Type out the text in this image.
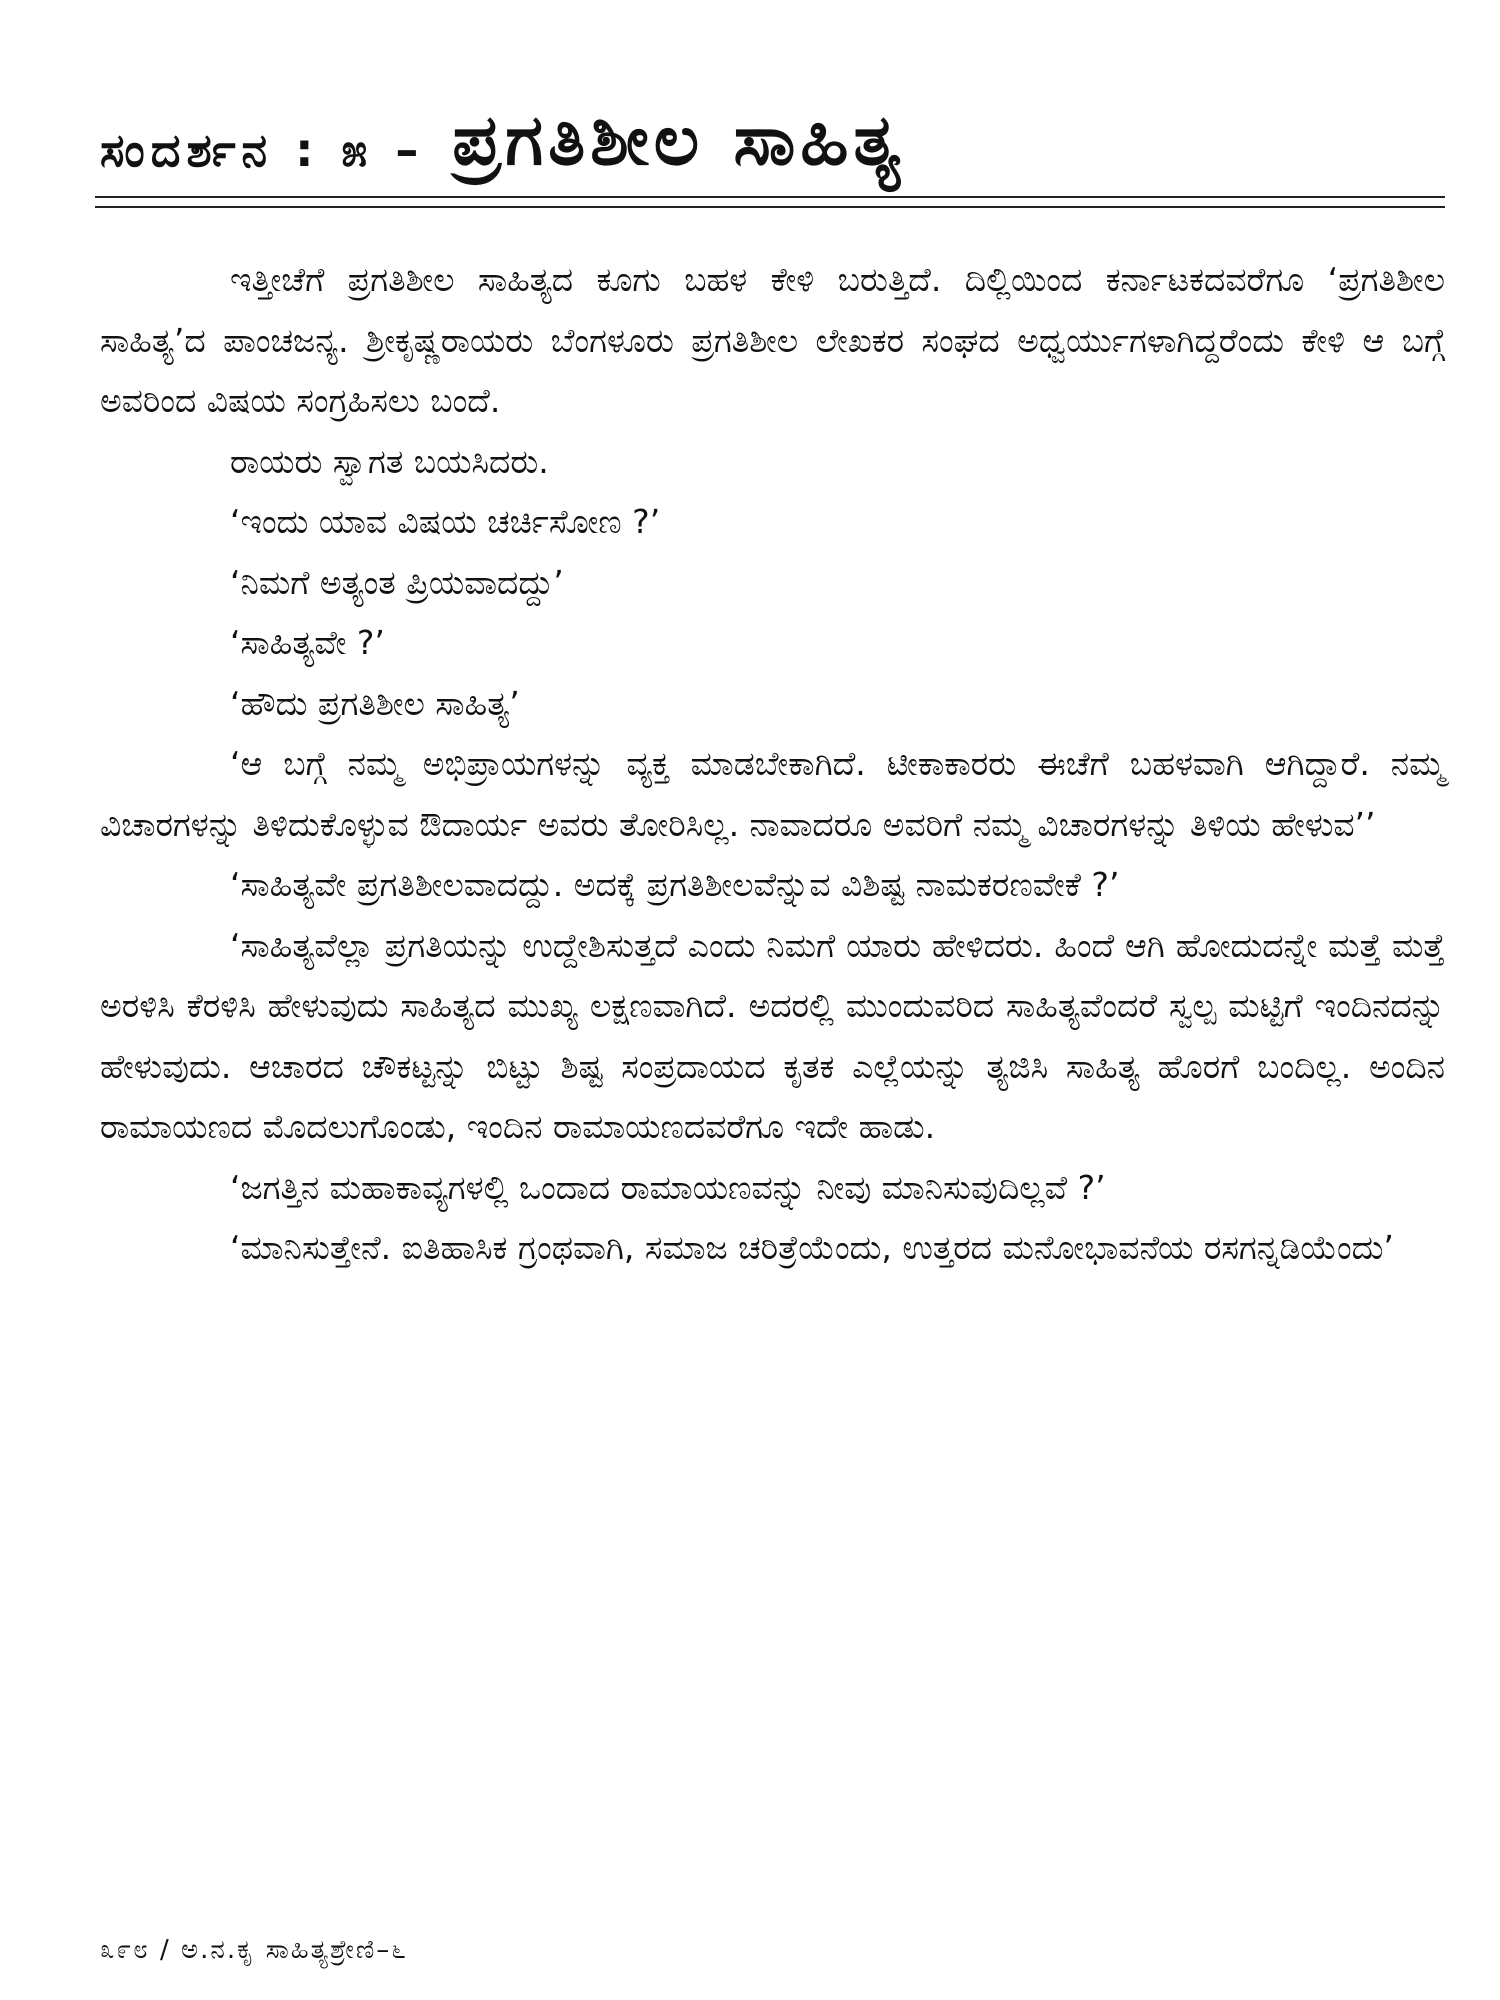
ಸಂದರ್ಶನ : ೫ – ಪ್ರಗತಿಶೀಲ ಸಾಹಿತ್ಯ

ಇತ್ತೀಚೆಗೆ ಪ್ರಗತಿಶೀಲ ಸಾಹಿತ್ಯದ ಕೂಗು ಬಹಳ ಕೇಳಿ ಬರುತ್ತಿದೆ. ದಿಲ್ಲಿಯಿಂದ ಕರ್ನಾಟಕದವರೆಗೂ ‘ಪ್ರಗತಿಶೀಲ ಸಾಹಿತ್ಯ’ದ ಪಾಂಚಜನ್ಯ. ಶ್ರೀಕೃಷ್ಣರಾಯರು ಬೆಂಗಳೂರು ಪ್ರಗತಿಶೀಲ ಲೇಖಕರ ಸಂಘದ ಅಧ್ವರ್ಯುಗಳಾಗಿದ್ದರೆಂದು ಕೇಳಿ ಆ ಬಗ್ಗೆ ಅವರಿಂದ ವಿಷಯ ಸಂಗ್ರಹಿಸಲು ಬಂದೆ.

ರಾಯರು ಸ್ವಾಗತ ಬಯಸಿದರು.

‘ಇಂದು ಯಾವ ವಿಷಯ ಚರ್ಚಿಸೋಣ ?’

‘ನಿಮಗೆ ಅತ್ಯಂತ ಪ್ರಿಯವಾದದ್ದು’

‘ಸಾಹಿತ್ಯವೇ ?’

‘ಹೌದು ಪ್ರಗತಿಶೀಲ ಸಾಹಿತ್ಯ’

‘ಆ ಬಗ್ಗೆ ನಮ್ಮ ಅಭಿಪ್ರಾಯಗಳನ್ನು ವ್ಯಕ್ತ ಮಾಡಬೇಕಾಗಿದೆ. ಟೀಕಾಕಾರರು ಈಚೆಗೆ ಬಹಳವಾಗಿ ಆಗಿದ್ದಾರೆ. ನಮ್ಮ ವಿಚಾರಗಳನ್ನು ತಿಳಿದುಕೊಳ್ಳುವ ಔದಾರ್ಯ ಅವರು ತೋರಿಸಿಲ್ಲ. ನಾವಾದರೂ ಅವರಿಗೆ ನಮ್ಮ ವಿಚಾರಗಳನ್ನು ತಿಳಿಯ ಹೇಳುವ’’

‘ಸಾಹಿತ್ಯವೇ ಪ್ರಗತಿಶೀಲವಾದದ್ದು. ಅದಕ್ಕೆ ಪ್ರಗತಿಶೀಲವೆನ್ನುವ ವಿಶಿಷ್ಟ ನಾಮಕರಣವೇಕೆ ?’

‘ಸಾಹಿತ್ಯವೆಲ್ಲಾ ಪ್ರಗತಿಯನ್ನು ಉದ್ದೇಶಿಸುತ್ತದೆ ಎಂದು ನಿಮಗೆ ಯಾರು ಹೇಳಿದರು. ಹಿಂದೆ ಆಗಿ ಹೋದುದನ್ನೇ ಮತ್ತೆ ಮತ್ತೆ ಅರಳಿಸಿ ಕೆರಳಿಸಿ ಹೇಳುವುದು ಸಾಹಿತ್ಯದ ಮುಖ್ಯ ಲಕ್ಷಣವಾಗಿದೆ. ಅದರಲ್ಲಿ ಮುಂದುವರಿದ ಸಾಹಿತ್ಯವೆಂದರೆ ಸ್ವಲ್ಪ ಮಟ್ಟಿಗೆ ಇಂದಿನದನ್ನು ಹೇಳುವುದು. ಆಚಾರದ ಚೌಕಟ್ಟನ್ನು ಬಿಟ್ಟು ಶಿಷ್ಟ ಸಂಪ್ರದಾಯದ ಕೃತಕ ಎಲ್ಲೆಯನ್ನು ತ್ಯಜಿಸಿ ಸಾಹಿತ್ಯ ಹೊರಗೆ ಬಂದಿಲ್ಲ. ಅಂದಿನ ರಾಮಾಯಣದ ಮೊದಲುಗೊಂಡು, ಇಂದಿನ ರಾಮಾಯಣದವರೆಗೂ ಇದೇ ಹಾಡು.

‘ಜಗತ್ತಿನ ಮಹಾಕಾವ್ಯಗಳಲ್ಲಿ ಒಂದಾದ ರಾಮಾಯಣವನ್ನು ನೀವು ಮಾನಿಸುವುದಿಲ್ಲವೆ ?’

‘ಮಾನಿಸುತ್ತೇನೆ. ಐತಿಹಾಸಿಕ ಗ್ರಂಥವಾಗಿ, ಸಮಾಜ ಚರಿತ್ರೆಯೆಂದು, ಉತ್ತರದ ಮನೋಭಾವನೆಯ ರಸಗನ್ನಡಿಯೆಂದು’

೩೯೮ / ಅ.ನ.ಕೃ ಸಾಹಿತ್ಯಶ್ರೇಣಿ–೬
